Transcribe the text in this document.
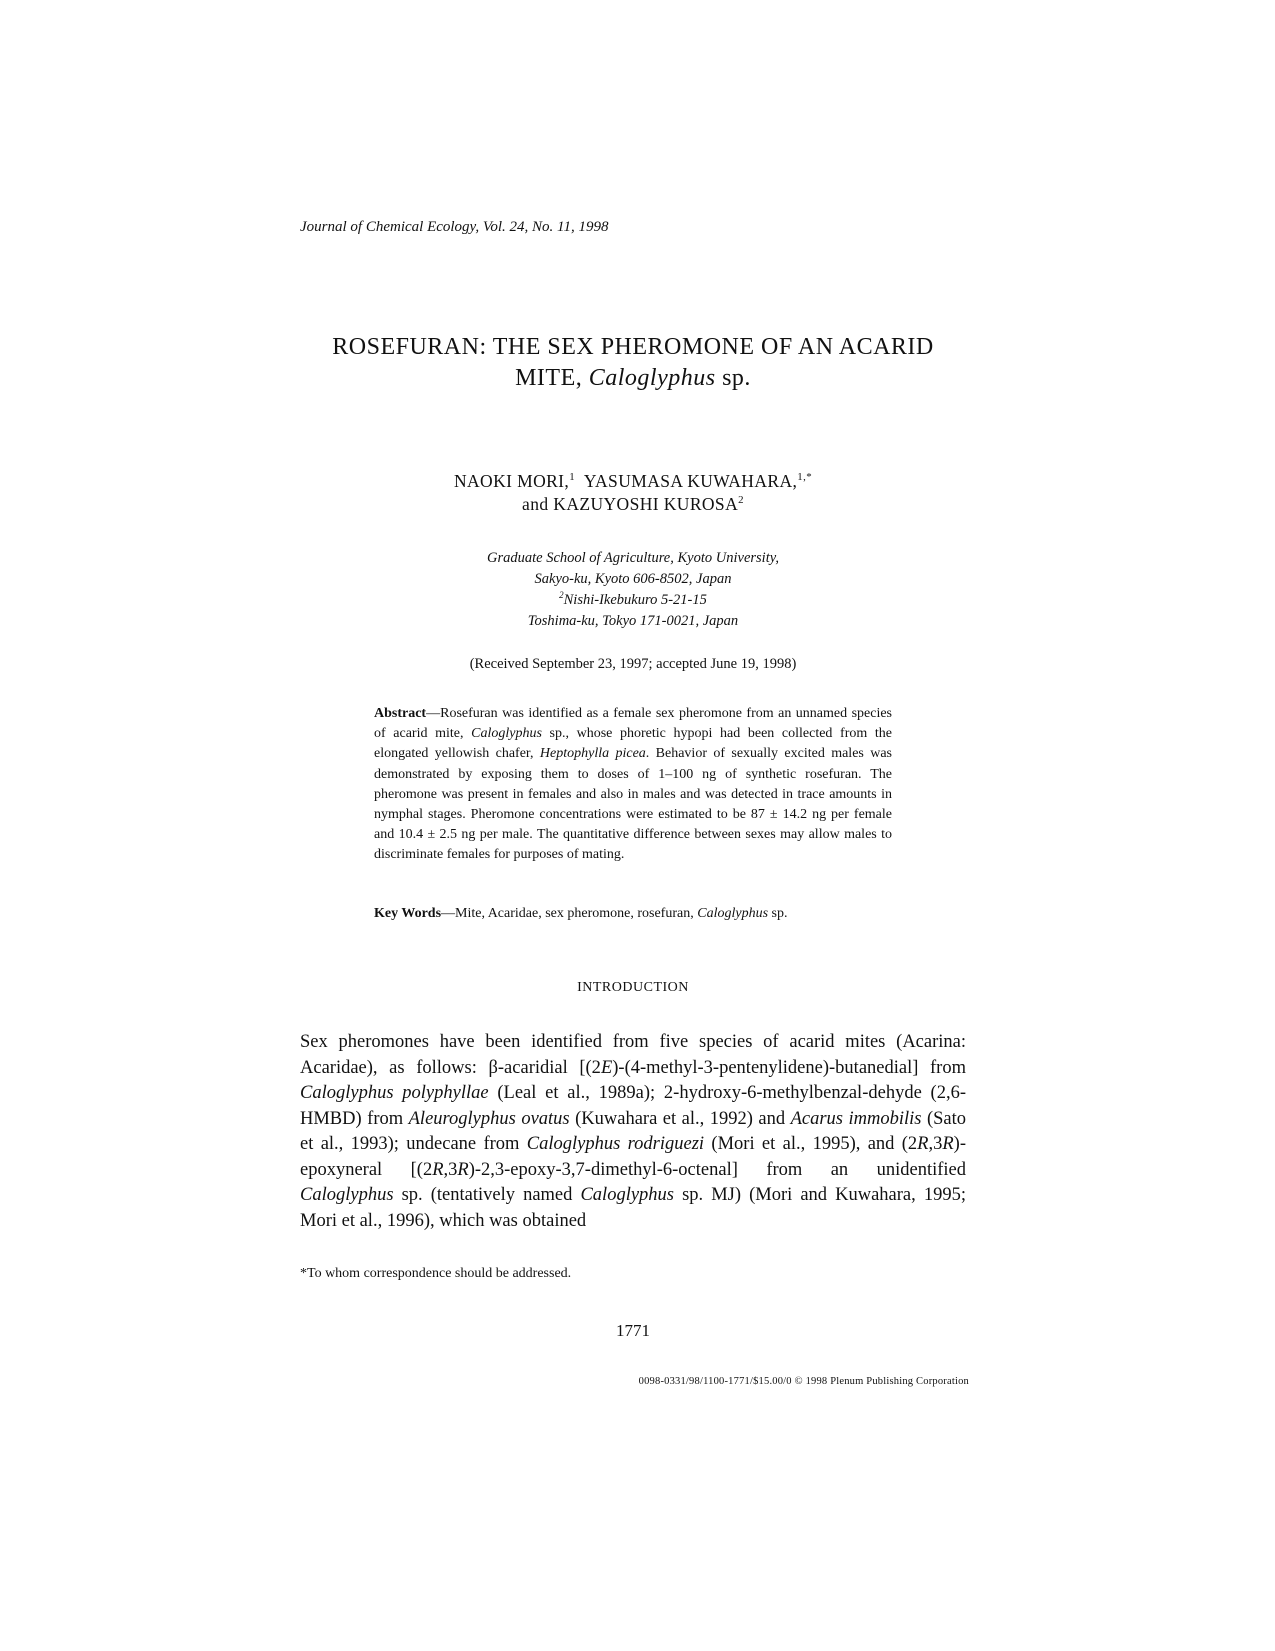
Journal of Chemical Ecology, Vol. 24, No. 11, 1998
ROSEFURAN: THE SEX PHEROMONE OF AN ACARID
MITE, Caloglyphus sp.
NAOKI MORI,$^1$ YASUMASA KUWAHARA,$^{1,*}$
and KAZUYOSHI KUROSA$^2$
Graduate School of Agriculture, Kyoto University,
Sakyo-ku, Kyoto 606-8502, Japan
$^2$Nishi-Ikebukuro 5-21-15
Toshima-ku, Tokyo 171-0021, Japan
(Received September 23, 1997; accepted June 19, 1998)
Abstract—Rosefuran was identified as a female sex pheromone from an unnamed species of acarid mite, Caloglyphus sp., whose phoretic hypopi had been collected from the elongated yellowish chafer, Heptophylla picea. Behavior of sexually excited males was demonstrated by exposing them to doses of 1–100 ng of synthetic rosefuran. The pheromone was present in females and also in males and was detected in trace amounts in nymphal stages. Pheromone concentrations were estimated to be 87 ± 14.2 ng per female and 10.4 ± 2.5 ng per male. The quantitative difference between sexes may allow males to discriminate females for purposes of mating.
Key Words—Mite, Acaridae, sex pheromone, rosefuran, Caloglyphus sp.
INTRODUCTION
Sex pheromones have been identified from five species of acarid mites (Acarina: Acaridae), as follows: β-acaridial [(2E)-(4-methyl-3-pentenylidene)-butanedial] from Caloglyphus polyphyllae (Leal et al., 1989a); 2-hydroxy-6-methylbenzal-dehyde (2,6-HMBD) from Aleuroglyphus ovatus (Kuwahara et al., 1992) and Acarus immobilis (Sato et al., 1993); undecane from Caloglyphus rodriguezi (Mori et al., 1995), and (2R,3R)-epoxyneral [(2R,3R)-2,3-epoxy-3,7-dimethyl-6-octenal] from an unidentified Caloglyphus sp. (tentatively named Caloglyphus sp. MJ) (Mori and Kuwahara, 1995; Mori et al., 1996), which was obtained
*To whom correspondence should be addressed.
1771
0098-0331/98/1100-1771/$15.00/0 © 1998 Plenum Publishing Corporation
